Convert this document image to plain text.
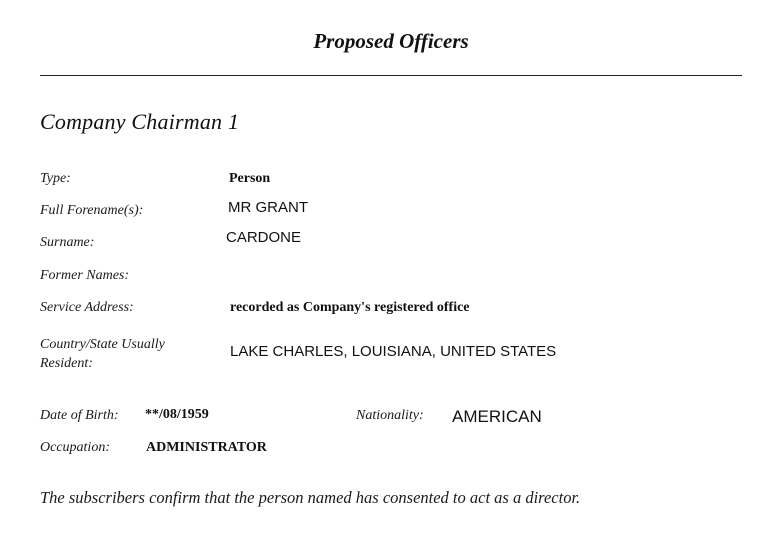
Proposed Officers
Company Chairman 1
Type:	Person
Full Forename(s):	MR GRANT
Surname:	CARDONE
Former Names:
Service Address:	recorded as Company's registered office
Country/State Usually
Resident:
LAKE CHARLES, LOUISIANA, UNITED STATES
Date of Birth: **/08/1959	Nationality: AMERICAN
Occupation:	ADMINISTRATOR
The subscribers confirm that the person named has consented to act as a director.
